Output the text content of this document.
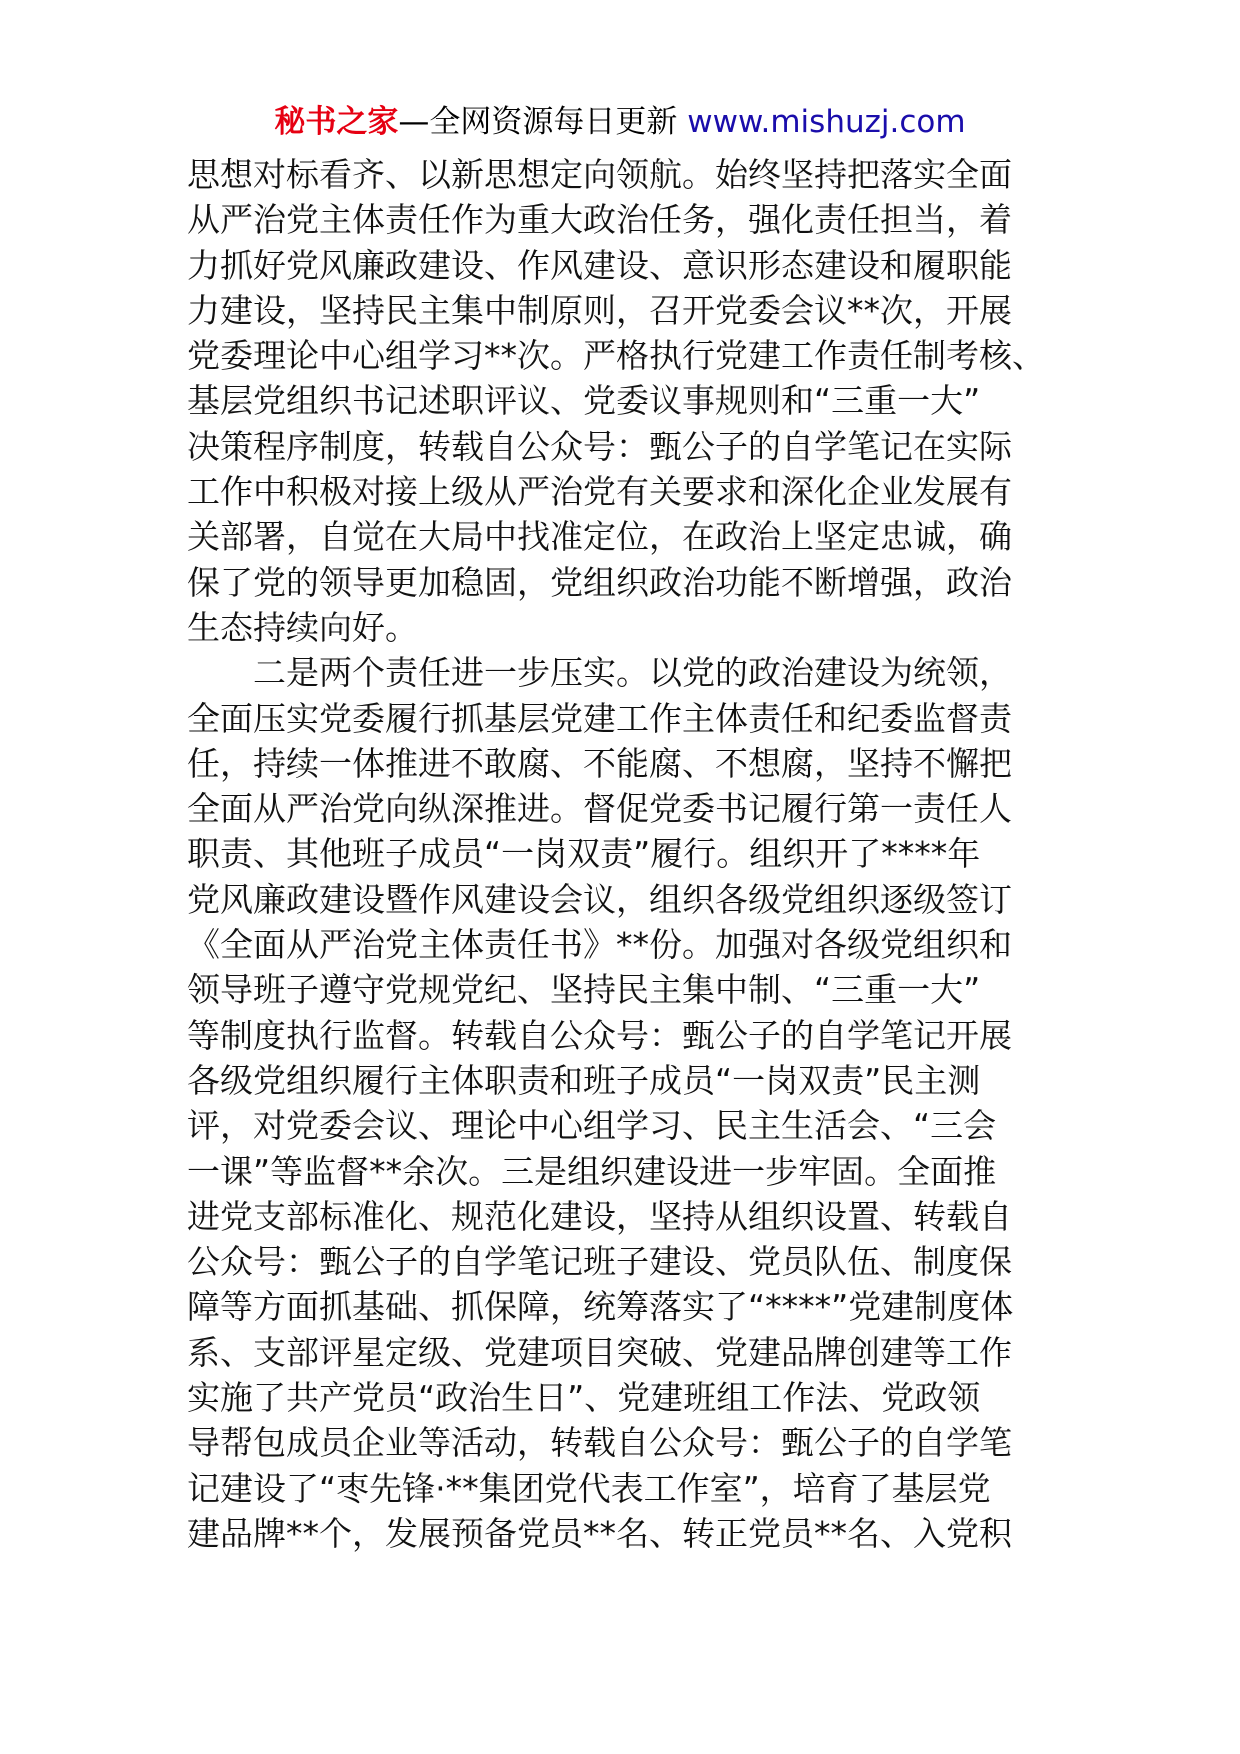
秘书之家—全网资源每日更新 www.mishuzj.com
思想对标看齐、以新思想定向领航。始终坚持把落实全面
从严治党主体责任作为重大政治任务，强化责任担当，着
力抓好党风廉政建设、作风建设、意识形态建设和履职能
力建设，坚持民主集中制原则，召开党委会议**次，开展
党委理论中心组学习**次。严格执行党建工作责任制考核、
基层党组织书记述职评议、党委议事规则和“三重一大”
决策程序制度，转载自公众号：甄公子的自学笔记在实际
工作中积极对接上级从严治党有关要求和深化企业发展有
关部署，自觉在大局中找准定位，在政治上坚定忠诚，确
保了党的领导更加稳固，党组织政治功能不断增强，政治
生态持续向好。
二是两个责任进一步压实。以党的政治建设为统领，
全面压实党委履行抓基层党建工作主体责任和纪委监督责
任，持续一体推进不敢腐、不能腐、不想腐，坚持不懈把
全面从严治党向纵深推进。督促党委书记履行第一责任人
职责、其他班子成员“一岗双责”履行。组织开了****年
党风廉政建设暨作风建设会议，组织各级党组织逐级签订
《全面从严治党主体责任书》**份。加强对各级党组织和
领导班子遵守党规党纪、坚持民主集中制、“三重一大”
等制度执行监督。转载自公众号：甄公子的自学笔记开展
各级党组织履行主体职责和班子成员“一岗双责”民主测
评，对党委会议、理论中心组学习、民主生活会、“三会
一课”等监督**余次。三是组织建设进一步牢固。全面推
进党支部标准化、规范化建设，坚持从组织设置、转载自
公众号：甄公子的自学笔记班子建设、党员队伍、制度保
障等方面抓基础、抓保障，统筹落实了“****”党建制度体
系、支部评星定级、党建项目突破、党建品牌创建等工作
实施了共产党员“政治生日”、党建班组工作法、党政领
导帮包成员企业等活动，转载自公众号：甄公子的自学笔
记建设了“枣先锋·**集团党代表工作室”，培育了基层党
建品牌**个，发展预备党员**名、转正党员**名、入党积
